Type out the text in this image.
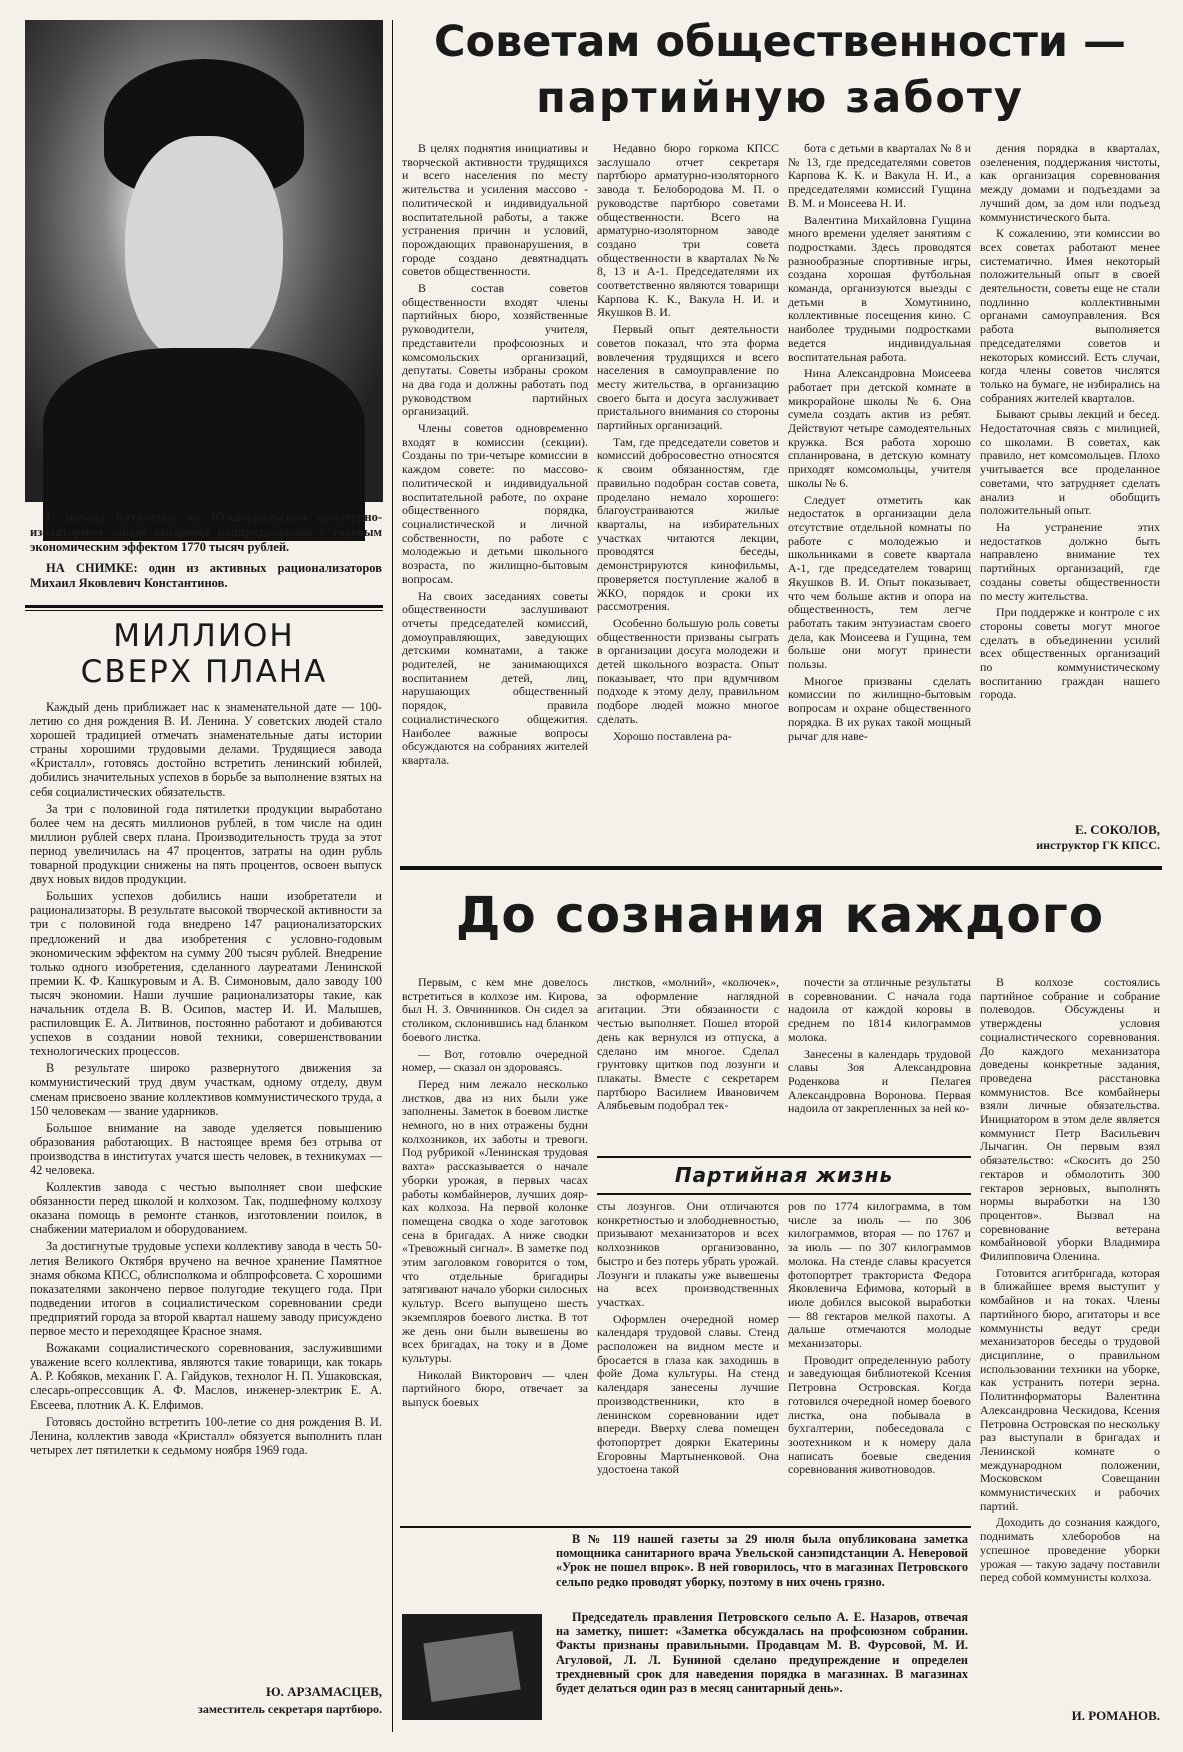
С начала пятилетки на Южноуральском арматурно-изоляторном заводе внедрены рацпредложения с годовым экономическим эффектом 1770 тысяч рублей.
НА СНИМКЕ: один из активных рационализаторов Михаил Яковлевич Константинов.
МИЛЛИОН
СВЕРХ ПЛАНА

Каждый день приближает нас к знаменательной дате — 100-летию со дня рождения В. И. Ленина. У советских людей стало хорошей традицией отмечать знаменательные даты истории страны хорошими трудовыми делами. Трудящиеся завода «Кристалл», готовясь достойно встретить ленинский юбилей, добились значительных успехов в борьбе за выполнение взятых на себя социалистических обязательств.

За три с половиной года пятилетки продукции выработано более чем на десять миллионов рублей, в том числе на один миллион рублей сверх плана. Производительность труда за этот период увеличилась на 47 процентов, затраты на один рубль товарной продукции снижены на пять процентов, освоен выпуск двух новых видов продукции.

Больших успехов добились наши изобретатели и рационализаторы. В результате высокой творческой активности за три с половиной года внедрено 147 рационализаторских предложений и два изобретения с условно-годовым экономическим эффектом на сумму 200 тысяч рублей. Внедрение только одного изобретения, сделанного лауреатами Ленинской премии К. Ф. Кашкуровым и А. В. Симоновым, дало заводу 100 тысяч экономии. Наши лучшие рационализаторы такие, как начальник отдела В. В. Осипов, мастер И. И. Малышев, распиловщик Е. А. Литвинов, постоянно работают и добиваются успехов в создании новой техники, совершенствовании технологических процессов.

В результате широко развернутого движения за коммунистический труд двум участкам, одному отделу, двум сменам присвоено звание коллективов коммунистического труда, а 150 человекам — звание ударников.

Большое внимание на заводе уделяется повышению образования работающих. В настоящее время без отрыва от производства в институтах учатся шесть человек, в техникумах — 42 человека.

Коллектив завода с честью выполняет свои шефские обязанности перед школой и колхозом. Так, подшефному колхозу оказана помощь в ремонте станков, изготовлении поилок, в снабжении материалом и оборудованием.

За достигнутые трудовые успехи коллективу завода в честь 50-летия Великого Октября вручено на вечное хранение Памятное знамя обкома КПСС, облисполкома и облпрофсовета. С хорошими показателями закончено первое полугодие текущего года. При подведении итогов в социалистическом соревновании среди предприятий города за второй квартал нашему заводу присуждено первое место и переходящее Красное знамя.

Вожаками социалистического соревнования, заслужившими уважение всего коллектива, являются такие товарищи, как токарь А. Р. Кобяков, механик Г. А. Гайдуков, технолог Н. П. Ушаковская, слесарь-опрессовщик А. Ф. Маслов, инженер-электрик Е. А. Евсеева, плотник А. К. Елфимов.

Готовясь достойно встретить 100-летие со дня рождения В. И. Ленина, коллектив завода «Кристалл» обязуется выполнить план четырех лет пятилетки к седьмому ноября 1969 года.

Ю. АРЗАМАСЦЕВ,
заместитель секретаря партбюро.
Советам общественности —
партийную заботу

В целях поднятия инициативы и творческой активности трудящихся и всего населения по месту жительства и усиления массово - политической и индивидуальной воспитательной работы, а также устранения причин и условий, порождающих правонарушения, в городе создано девятнадцать советов общественности.

В состав советов общественности входят члены партийных бюро, хозяйственные руководители, учителя, представители профсоюзных и комсомольских организаций, депутаты. Советы избраны сроком на два года и должны работать под руководством партийных организаций.

Члены советов одновременно входят в комиссии (секции). Созданы по три-четыре комиссии в каждом совете: по массово-политической и индивидуальной воспитательной работе, по охране общественного порядка, социалистической и личной собственности, по работе с молодежью и детьми школьного возраста, по жилищно-бытовым вопросам.

На своих заседаниях советы общественности заслушивают отчеты председателей комиссий, домоуправляющих, заведующих детскими комнатами, а также родителей, не занимающихся воспитанием детей, лиц, нарушающих общественный порядок, правила социалистического общежития. Наиболее важные вопросы обсуждаются на собраниях жителей квартала.

Недавно бюро горкома КПСС заслушало отчет секретаря партбюро арматурно-изоляторного завода т. Белобородова М. П. о руководстве партбюро советами общественности. Всего на арматурно-изоляторном заводе создано три совета общественности в кварталах №№ 8, 13 и А-1. Председателями их соответственно являются товарищи Карпова К. К., Вакула Н. И. и Якушков В. И.

Первый опыт деятельности советов показал, что эта форма вовлечения трудящихся и всего населения в самоуправление по месту жительства, в организацию своего быта и досуга заслуживает пристального внимания со стороны партийных организаций.

Там, где председатели советов и комиссий добросовестно относятся к своим обязанностям, где правильно подобран состав совета, проделано немало хорошего: благоустраиваются жилые кварталы, на избирательных участках читаются лекции, проводятся беседы, демонстрируются кинофильмы, проверяется поступление жалоб в ЖКО, порядок и сроки их рассмотрения.

Особенно большую роль советы общественности призваны сыграть в организации досуга молодежи и детей школьного возраста. Опыт показывает, что при вдумчивом подходе к этому делу, правильном подборе людей можно многое сделать.

Хорошо поставлена ра-

бота с детьми в кварталах № 8 и № 13, где председателями советов Карпова К. К. и Вакула Н. И., а председателями комиссий Гущина В. М. и Моисеева Н. И.

Валентина Михайловна Гущина много времени уделяет занятиям с подростками. Здесь проводятся разнообразные спортивные игры, создана хорошая футбольная команда, организуются выезды с детьми в Хомутинино, коллективные посещения кино. С наиболее трудными подростками ведется индивидуальная воспитательная работа.

Нина Александровна Моисеева работает при детской комнате в микрорайоне школы № 6. Она сумела создать актив из ребят. Действуют четыре самодеятельных кружка. Вся работа хорошо спланирована, в детскую комнату приходят комсомольцы, учителя школы № 6.

Следует отметить как недостаток в организации дела отсутствие отдельной комнаты по работе с молодежью и школьниками в совете квартала А-1, где председателем товарищ Якушков В. И. Опыт показывает, что чем больше актив и опора на общественность, тем легче работать таким энтузиастам своего дела, как Моисеева и Гущина, тем больше они могут принести пользы.

Многое призваны сделать комиссии по жилищно-бытовым вопросам и охране общественного порядка. В их руках такой мощный рычаг для наве-

дения порядка в кварталах, озеленения, поддержания чистоты, как организация соревнования между домами и подъездами за лучший дом, за дом или подъезд коммунистического быта.

К сожалению, эти комиссии во всех советах работают менее систематично. Имея некоторый положительный опыт в своей деятельности, советы еще не стали подлинно коллективными органами самоуправления. Вся работа выполняется председателями советов и некоторых комиссий. Есть случаи, когда члены советов числятся только на бумаге, не избирались на собраниях жителей кварталов.

Бывают срывы лекций и бесед. Недостаточная связь с милицией, со школами. В советах, как правило, нет комсомольцев. Плохо учитывается все проделанное советами, что затрудняет сделать анализ и обобщить положительный опыт.

На устранение этих недостатков должно быть направлено внимание тех партийных организаций, где созданы советы общественности по месту жительства.

При поддержке и контроле с их стороны советы могут многое сделать в объединении усилий всех общественных организаций по коммунистическому воспитанию граждан нашего города.

Е. СОКОЛОВ,
инструктор ГК КПСС.
До сознания каждого

Первым, с кем мне довелось встретиться в колхозе им. Кирова, был Н. З. Овчинников. Он сидел за столиком, склонившись над бланком боевого листка.

— Вот, готовлю очередной номер, — сказал он здороваясь.

Перед ним лежало несколько листков, два из них были уже заполнены. Заметок в боевом листке немного, но в них отражены будни колхозников, их заботы и тревоги. Под рубрикой «Ленинская трудовая вахта» рассказывается о начале уборки урожая, в первых часах работы комбайнеров, лучших доярках колхоза. На первой колонке помещена сводка о ходе заготовок сена в бригадах. А ниже сводки «Тревожный сигнал». В заметке под этим заголовком говорится о том, что отдельные бригадиры затягивают начало уборки силосных культур. Всего выпущено шесть экземпляров боевого листка. В тот же день они были вывешены во всех бригадах, на току и в Доме культуры.

Николай Викторович — член партийного бюро, отвечает за выпуск боевых

листков, «молний», «колючек», за оформление наглядной агитации. Эти обязанности с честью выполняет. Пошел второй день как вернулся из отпуска, а сделано им многое. Сделал грунтовку щитков под лозунги и плакаты. Вместе с секретарем партбюро Василием Ивановичем Алябьевым подобрал тек-

почести за отличные результаты в соревновании. С начала года надоила от каждой коровы в среднем по 1814 килограммов молока.

Занесены в календарь трудовой славы Зоя Александровна Роденкова и Пелагея Александровна Воронова. Первая надоила от закрепленных за ней ко-

Партийная жизнь

сты лозунгов. Они отличаются конкретностью и злободневностью, призывают механизаторов и всех колхозников организованно, быстро и без потерь убрать урожай. Лозунги и плакаты уже вывешены на всех производственных участках.

Оформлен очередной номер календаря трудовой славы. Стенд расположен на видном месте и бросается в глаза как заходишь в фойе Дома культуры. На стенд календаря занесены лучшие производственники, кто в ленинском соревновании идет впереди. Вверху слева помещен фотопортрет доярки Екатерины Егоровны Мартыненковой. Она удостоена такой

ров по 1774 килограмма, в том числе за июль — по 306 килограммов, вторая — по 1767 и за июль — по 307 килограммов молока. На стенде славы красуется фотопортрет тракториста Федора Яковлевича Ефимова, который в июле добился высокой выработки — 88 гектаров мелкой пахоты. А дальше отмечаются молодые механизаторы.

Проводит определенную работу и заведующая библиотекой Ксения Петровна Островская. Когда готовился очередной номер боевого листка, она побывала в бухгалтерии, побеседовала с зоотехником и к номеру дала написать боевые сведения соревнования животноводов.

В колхозе состоялись партийное собрание и собрание полеводов. Обсуждены и утверждены условия социалистического соревнования. До каждого механизатора доведены конкретные задания, проведена расстановка коммунистов. Все комбайнеры взяли личные обязательства. Инициатором в этом деле является коммунист Петр Васильевич Лычагин. Он первым взял обязательство: «Скосить до 250 гектаров и обмолотить 300 гектаров зерновых, выполнять нормы выработки на 130 процентов». Вызвал на соревнование ветерана комбайновой уборки Владимира Филипповича Оленина.

Готовится агитбригада, которая в ближайшее время выступит у комбайнов и на токах. Члены партийного бюро, агитаторы и все коммунисты ведут среди механизаторов беседы о трудовой дисциплине, о правильном использовании техники на уборке, как устранить потери зерна. Политинформаторы Валентина Александровна Ческидова, Ксения Петровна Островская по нескольку раз выступали в бригадах и Ленинской комнате о международном положении, Московском Совещании коммунистических и рабочих партий.

Доходить до сознания каждого, поднимать хлеборобов на успешное проведение уборки урожая — такую задачу поставили перед собой коммунисты колхоза.

И. РОМАНОВ.
В № 119 нашей газеты за 29 июля была опубликована заметка помощника санитарного врача Увельской санэпидстанции А. Неверовой «Урок не пошел впрок». В ней говорилось, что в магазинах Петровского сельпо редко проводят уборку, поэтому в них очень грязно.
Председатель правления Петровского сельпо А. Е. Назаров, отвечая на заметку, пишет: «Заметка обсуждалась на профсоюзном собрании. Факты признаны правильными. Продавцам М. В. Фурсовой, М. И. Агуловой, Л. Л. Буниной сделано предупреждение и определен трехдневный срок для наведения порядка в магазинах. В магазинах будет делаться один раз в месяц санитарный день».
